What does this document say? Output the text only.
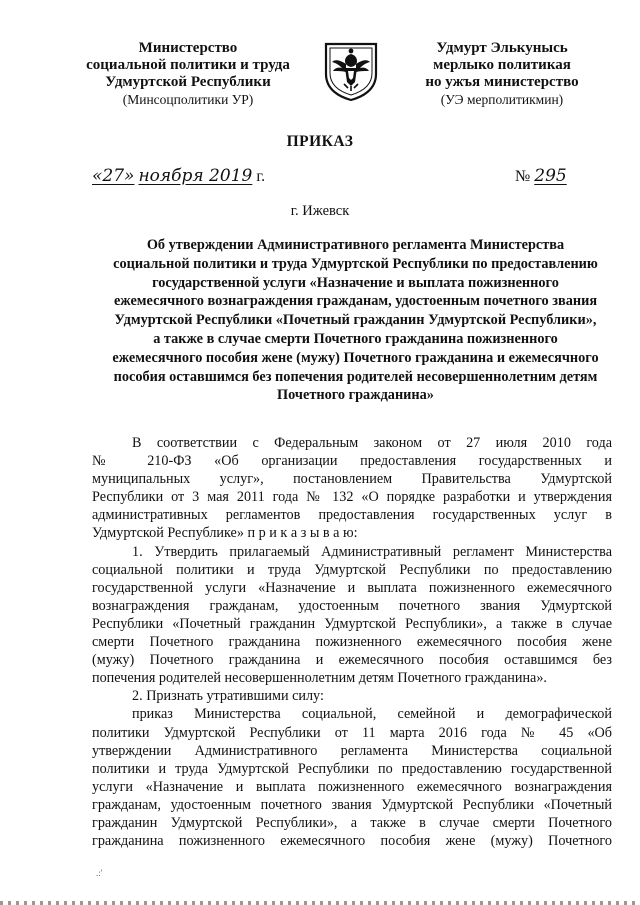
Министерство
социальной политики и труда
Удмуртской Республики
(Минсоцполитики УР)
Удмурт Элькунысь
мерлыко политикая
но ужъя министерство
(УЭ мерполитикмин)
ПРИКАЗ
«27» ноября 2019 г.	№ 295
г. Ижевск
Об утверждении Административного регламента Министерства
социальной политики и труда Удмуртской Республики по предоставлению
государственной услуги «Назначение и выплата пожизненного
ежемесячного вознаграждения гражданам, удостоенным почетного звания
Удмуртской Республики «Почетный гражданин Удмуртской Республики»,
а также в случае смерти Почетного гражданина пожизненного
ежемесячного пособия жене (мужу) Почетного гражданина и ежемесячного
пособия оставшимся без попечения родителей несовершеннолетним детям
Почетного гражданина»
В соответствии с Федеральным законом от 27 июля 2010 года
№ 210-ФЗ «Об организации предоставления государственных и
муниципальных услуг», постановлением Правительства Удмуртской
Республики от 3 мая 2011 года № 132 «О порядке разработки и утверждения
административных регламентов предоставления государственных услуг в
Удмуртской Республике» п р и к а з ы в а ю:
1. Утвердить прилагаемый Административный регламент Министерства
социальной политики и труда Удмуртской Республики по предоставлению
государственной услуги «Назначение и выплата пожизненного ежемесячного
вознаграждения гражданам, удостоенным почетного звания Удмуртской
Республики «Почетный гражданин Удмуртской Республики», а также в случае
смерти Почетного гражданина пожизненного ежемесячного пособия жене
(мужу) Почетного гражданина и ежемесячного пособия оставшимся без
попечения родителей несовершеннолетним детям Почетного гражданина».
2. Признать утратившими силу:
приказ Министерства социальной, семейной и демографической
политики Удмуртской Республики от 11 марта 2016 года № 45 «Об
утверждении Административного регламента Министерства социальной
политики и труда Удмуртской Республики по предоставлению государственной
услуги «Назначение и выплата пожизненного ежемесячного вознаграждения
гражданам, удостоенным почетного звания Удмуртской Республики «Почетный
гражданин Удмуртской Республики», а также в случае смерти Почетного
гражданина пожизненного ежемесячного пособия жене (мужу) Почетного
.:'
